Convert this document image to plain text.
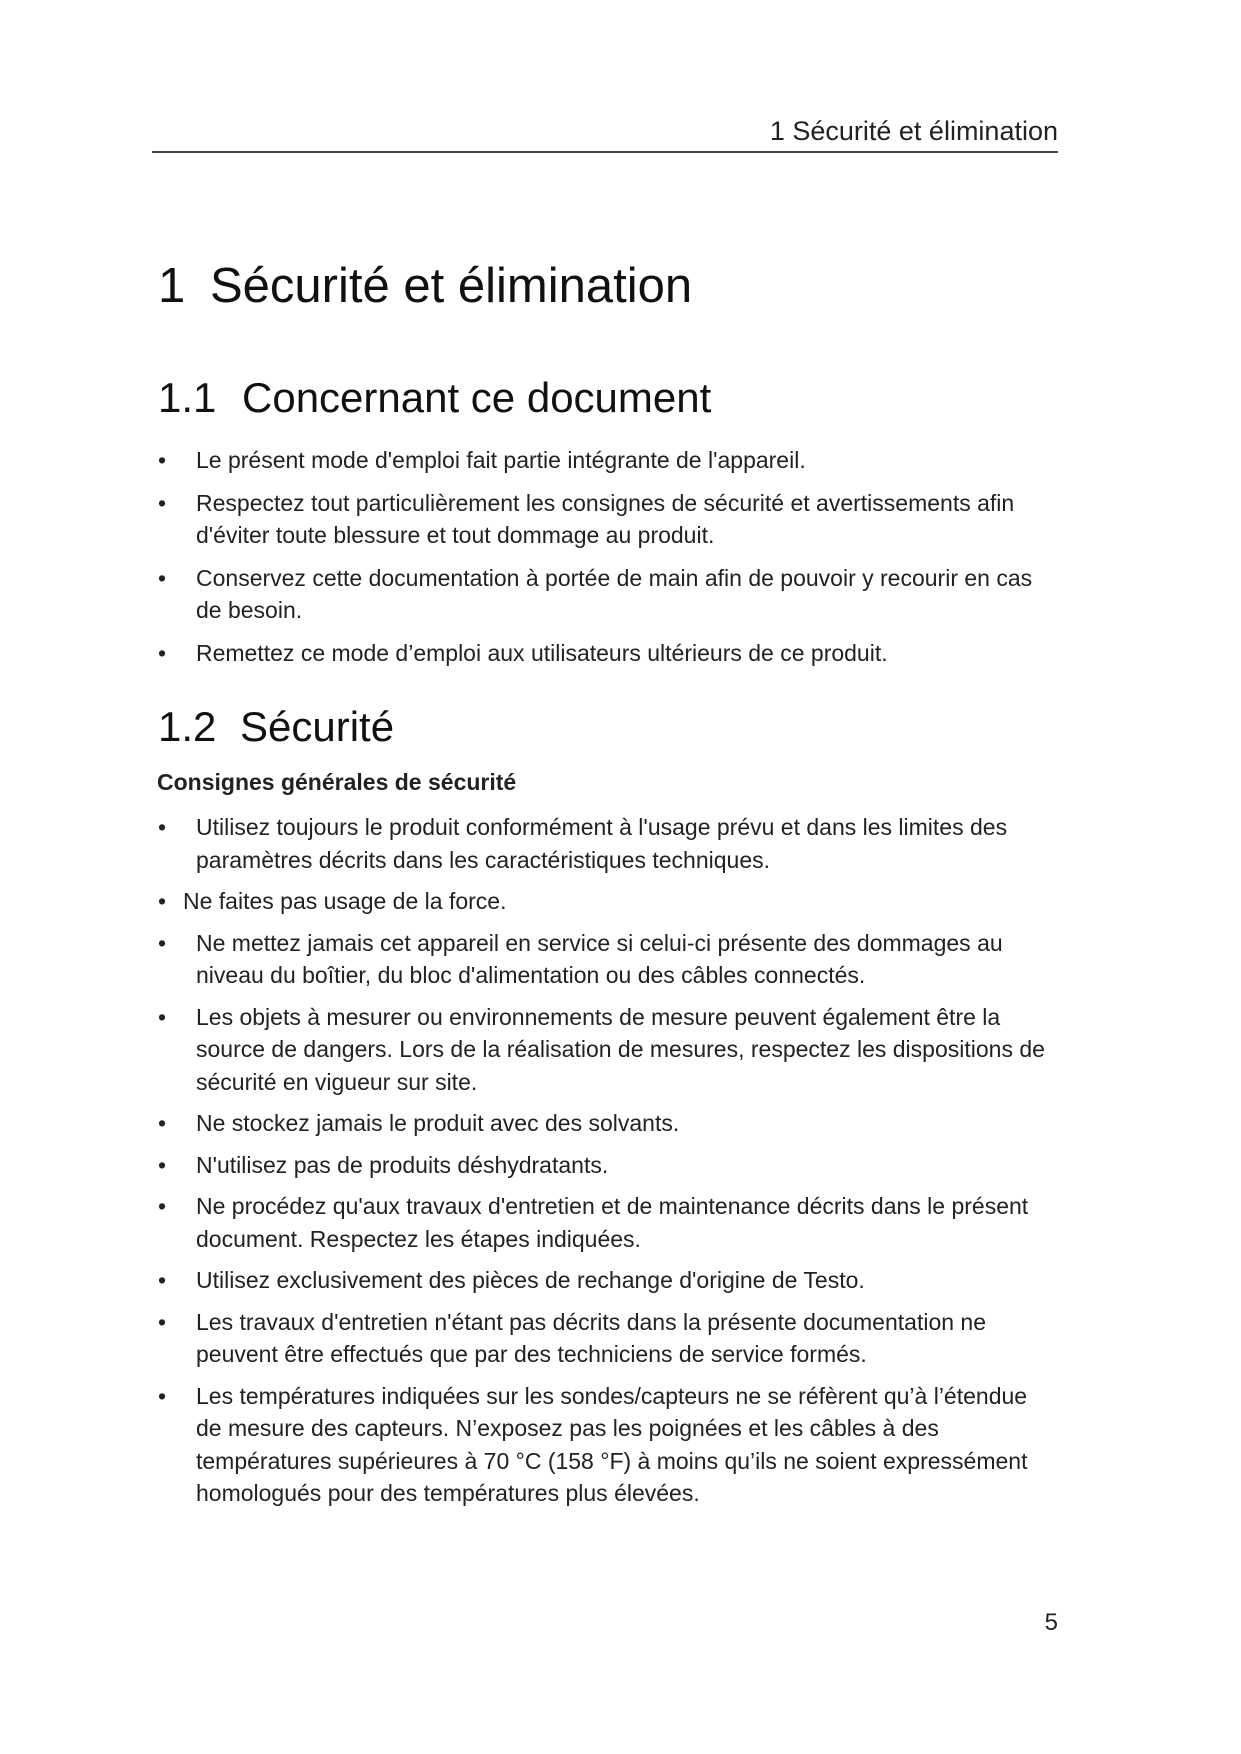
1 Sécurité et élimination
1 Sécurité et élimination
1.1 Concernant ce document
• Le présent mode d'emploi fait partie intégrante de l'appareil.
• Respectez tout particulièrement les consignes de sécurité et avertissements afin d'éviter toute blessure et tout dommage au produit.
• Conservez cette documentation à portée de main afin de pouvoir y recourir en cas de besoin.
• Remettez ce mode d’emploi aux utilisateurs ultérieurs de ce produit.
1.2 Sécurité
Consignes générales de sécurité
• Utilisez toujours le produit conformément à l'usage prévu et dans les limites des paramètres décrits dans les caractéristiques techniques.
• Ne faites pas usage de la force.
• Ne mettez jamais cet appareil en service si celui-ci présente des dommages au niveau du boîtier, du bloc d'alimentation ou des câbles connectés.
• Les objets à mesurer ou environnements de mesure peuvent également être la source de dangers. Lors de la réalisation de mesures, respectez les dispositions de sécurité en vigueur sur site.
• Ne stockez jamais le produit avec des solvants.
• N'utilisez pas de produits déshydratants.
• Ne procédez qu'aux travaux d'entretien et de maintenance décrits dans le présent document. Respectez les étapes indiquées.
• Utilisez exclusivement des pièces de rechange d'origine de Testo.
• Les travaux d'entretien n'étant pas décrits dans la présente documentation ne peuvent être effectués que par des techniciens de service formés.
• Les températures indiquées sur les sondes/capteurs ne se réfèrent qu’à l’étendue de mesure des capteurs. N’exposez pas les poignées et les câbles à des températures supérieures à 70 °C (158 °F) à moins qu’ils ne soient expressément homologués pour des températures plus élevées.
5
